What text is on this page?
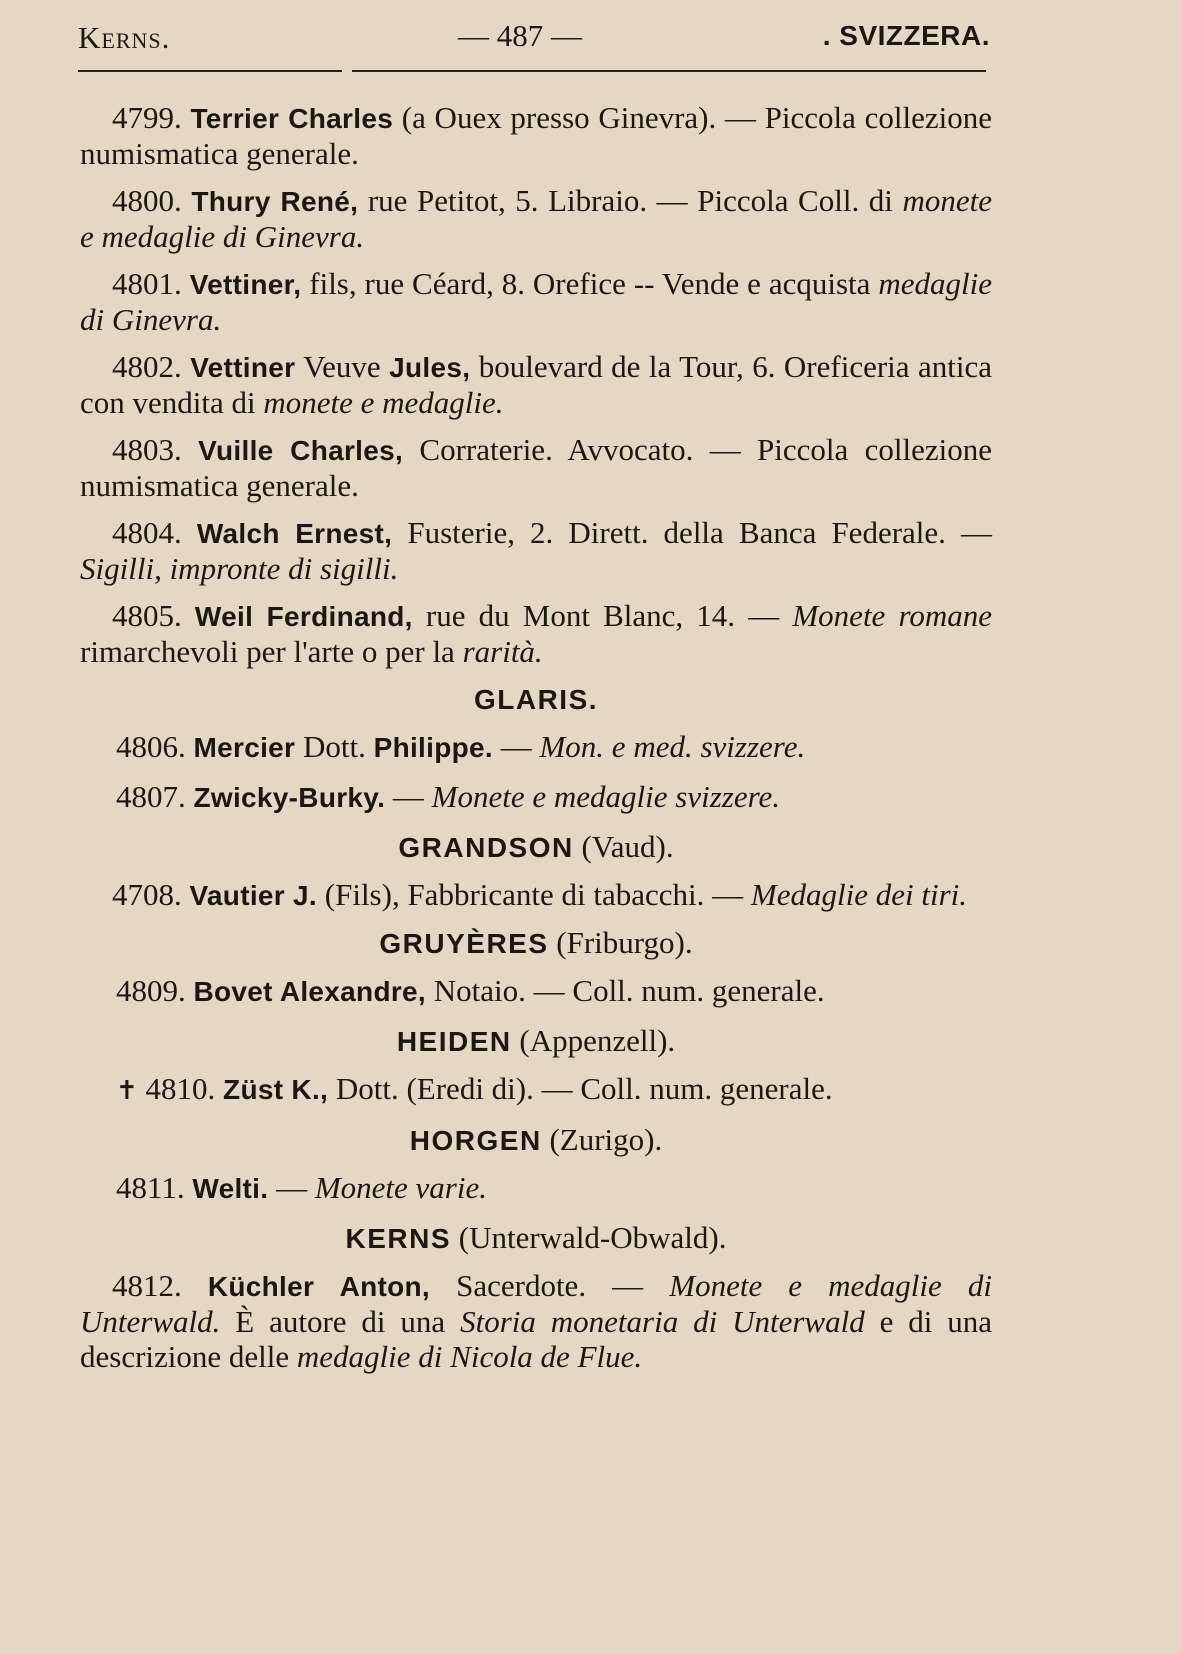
Kerns.	— 487 —	. SVIZZERA.

4799. Terrier Charles (a Ouex presso Ginevra). — Piccola collezione numismatica generale.

4800. Thury René, rue Petitot, 5. Libraio. — Piccola Coll. di monete e medaglie di Ginevra.

4801. Vettiner, fils, rue Céard, 8. Orefice -- Vende e acquista medaglie di Ginevra.

4802. Vettiner Veuve Jules, boulevard de la Tour, 6. Oreficeria antica con vendita di monete e medaglie.

4803. Vuille Charles, Corraterie. Avvocato. — Piccola collezione numismatica generale.

4804. Walch Ernest, Fusterie, 2. Dirett. della Banca Federale. — Sigilli, impronte di sigilli.

4805. Weil Ferdinand, rue du Mont Blanc, 14. — Monete romane rimarchevoli per l'arte o per la rarità.

GLARIS.

4806. Mercier Dott. Philippe. — Mon. e med. svizzere.

4807. Zwicky-Burky. — Monete e medaglie svizzere.

GRANDSON (Vaud).

4708. Vautier J. (Fils), Fabbricante di tabacchi. — Medaglie dei tiri.

GRUYÈRES (Friburgo).

4809. Bovet Alexandre, Notaio. — Coll. num. generale.

HEIDEN (Appenzell).

✝ 4810. Züst K., Dott. (Eredi di). — Coll. num. generale.

HORGEN (Zurigo).

4811. Welti. — Monete varie.

KERNS (Unterwald-Obwald).

4812. Küchler Anton, Sacerdote. — Monete e medaglie di Unterwald. È autore di una Storia monetaria di Unterwald e di una descrizione delle medaglie di Nicola de Flue.
